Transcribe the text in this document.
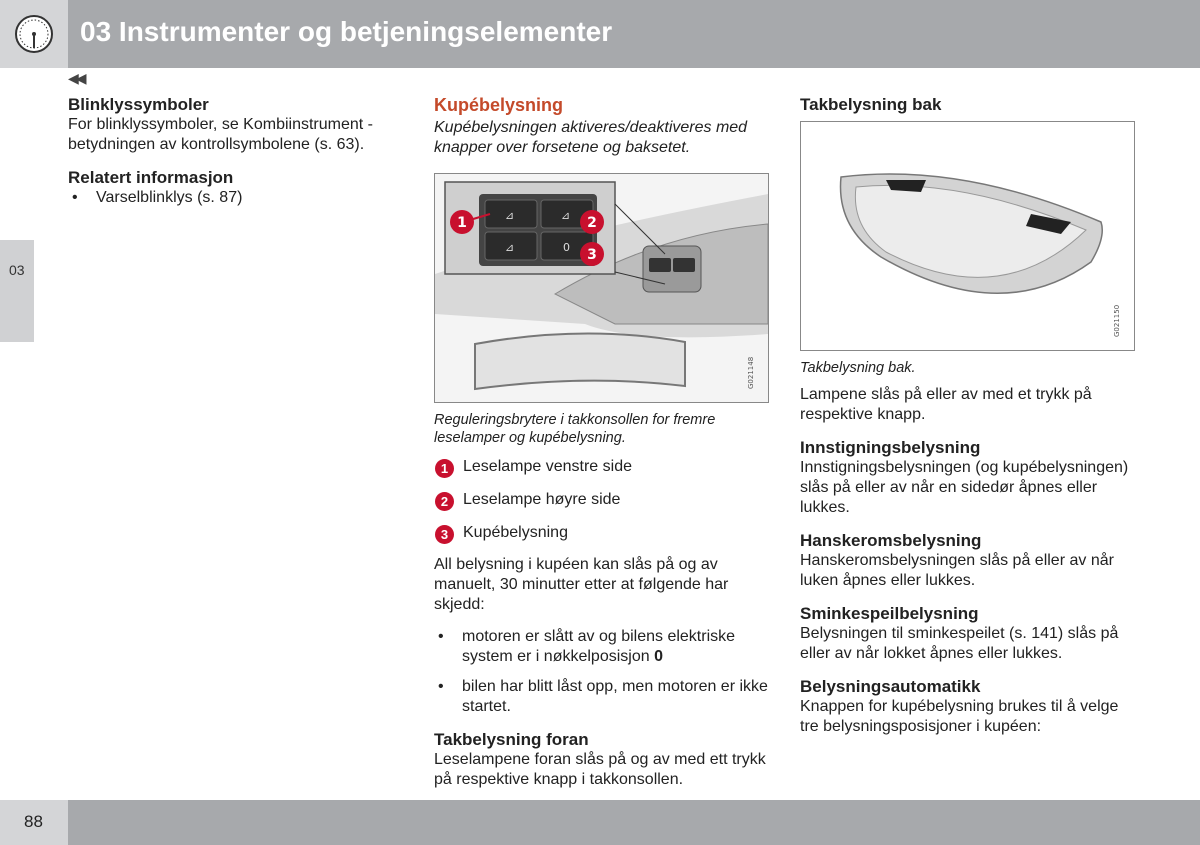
03 Instrumenter og betjeningselementer
◀◀
03
Blinklyssymboler

For blinklyssymboler, se Kombiinstrument - betydningen av kontrollsymbolene (s. 63).

Relatert informasjon
• Varselblinklys (s. 87)
Kupébelysning

Kupébelysningen aktiveres/deaktiveres med knapper over forsetene og baksetet.

⊿	⊿
⊿	0
1	2
3
G021148

Reguleringsbrytere i takkonsollen for fremre leselamper og kupébelysning.

1 Leselampe venstre side
2 Leselampe høyre side
3 Kupébelysning

All belysning i kupéen kan slås på og av manuelt, 30 minutter etter at følgende har skjedd:

• motoren er slått av og bilens elektriske system er i nøkkelposisjon 0
• bilen har blitt låst opp, men motoren er ikke startet.
Takbelysning foran

Leselampene foran slås på og av med ett trykk på respektive knapp i takkonsollen.

Takbelysning bak
G021150

Takbelysning bak.

Lampene slås på eller av med et trykk på respektive knapp.

Innstigningsbelysning

Innstigningsbelysningen (og kupébelysningen) slås på eller av når en sidedør åpnes eller lukkes.

Hanskeromsbelysning

Hanskeromsbelysningen slås på eller av når luken åpnes eller lukkes.

Sminkespeilbelysning

Belysningen til sminkespeilet (s. 141) slås på eller av når lokket åpnes eller lukkes.

Belysningsautomatikk

Knappen for kupébelysning brukes til å velge tre belysningsposisjoner i kupéen:

88
